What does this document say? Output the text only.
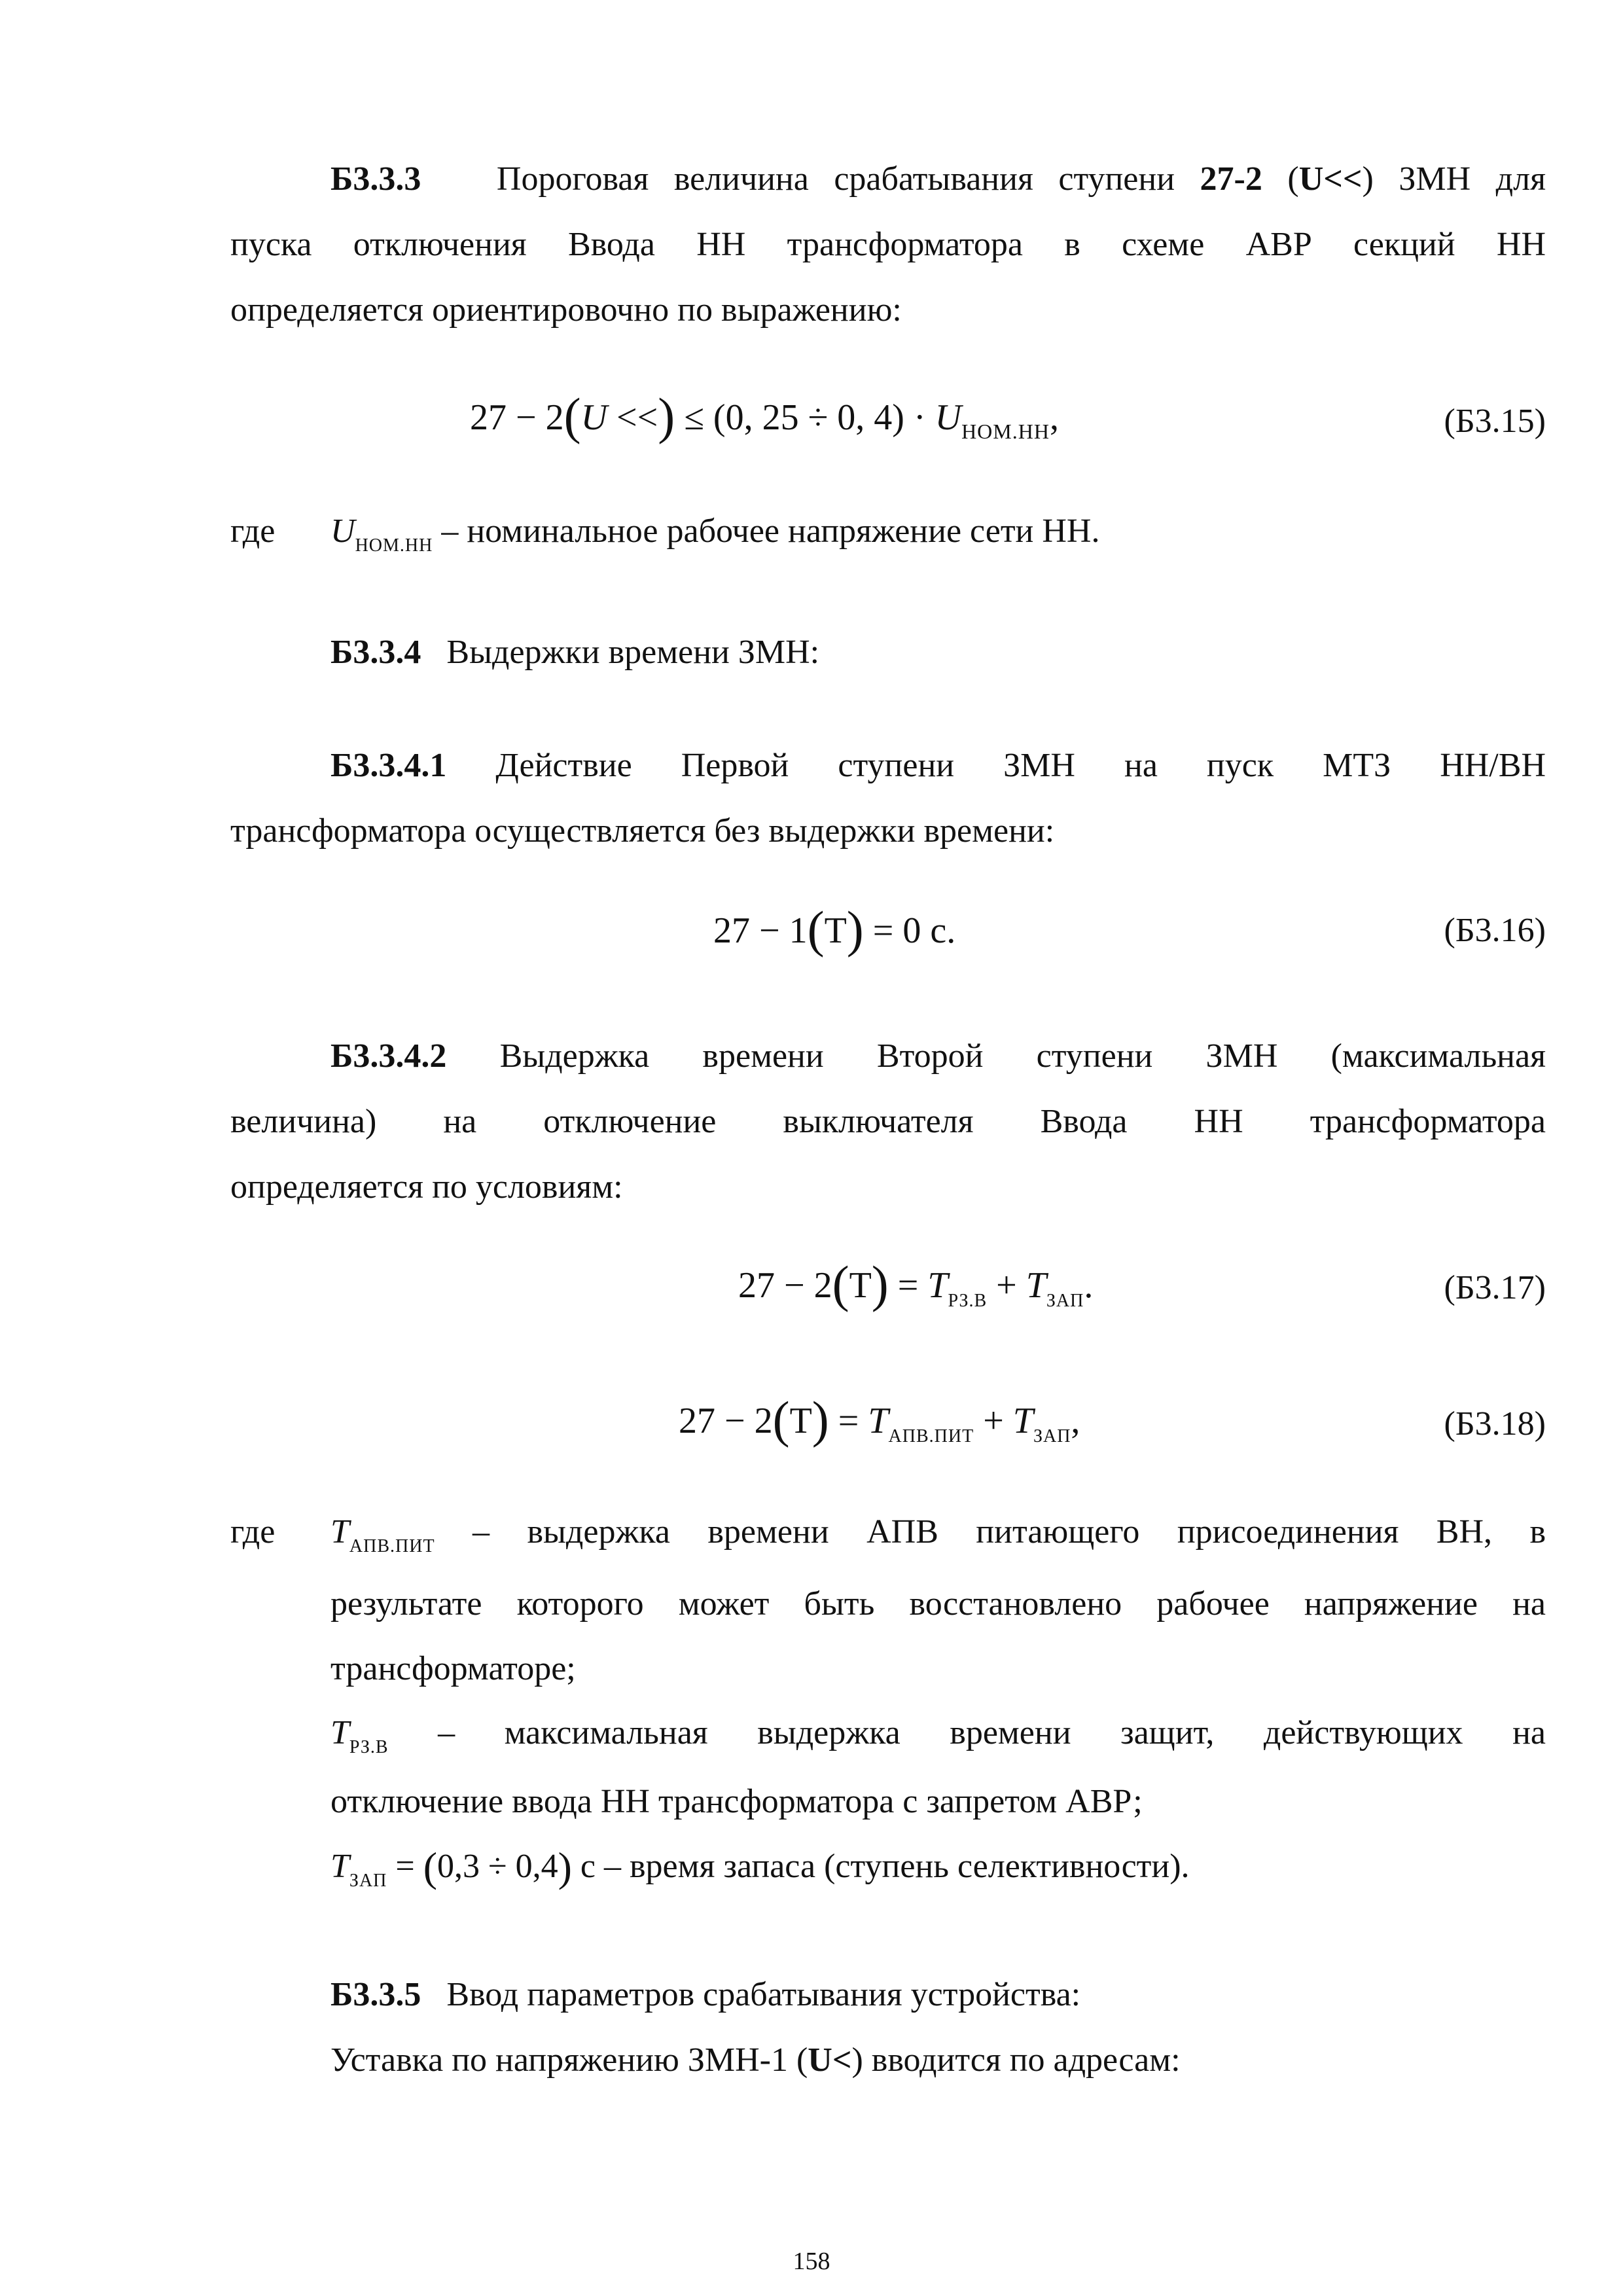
Б3.3.3 Пороговая величина срабатывания ступени 27-2 (U<<) ЗМН для
пуска отключения Ввода НН трансформатора в схеме АВР секций НН
определяется ориентировочно по выражению:
27 − 2(U <<) ≤ (0, 25 ÷ 0, $4) \cdot U_{НОМ.НН}$,	(Б3.15)
где $U_{НОМ.НН}$ – номинальное рабочее напряжение сети НН.
Б3.3.4 Выдержки времени ЗМН:
Б3.3.4.1 Действие Первой ступени ЗМН на пуск МТЗ НН/ВН
трансформатора осуществляется без выдержки времени:
27 − 1(Т) = 0 с.	(Б3.16)
Б3.3.4.2 Выдержка времени Второй ступени ЗМН (максимальная
величина) на отключение выключателя Ввода НН трансформатора
определяется по условиям:
$27 - 2(Т) = T_{РЗ.В} + T_{ЗАП}$.	(Б3.17)
$27 - 2(Т) = T_{АПВ.ПИТ} + T_{ЗАП}$,	(Б3.18)
где $T_{АПВ.ПИТ}$ – выдержка времени АПВ питающего присоединения ВН, в
результате которого может быть восстановлено рабочее напряжение на
трансформаторе;
$T_{РЗ.В}$ – максимальная выдержка времени защит, действующих на
отключение ввода НН трансформатора с запретом АВР;
$T_{ЗАП} = (0,3 \div 0,4)$ с – время запаса (ступень селективности).
Б3.3.5 Ввод параметров срабатывания устройства:
Уставка по напряжению ЗМН-1 (U<) вводится по адресам:
158
